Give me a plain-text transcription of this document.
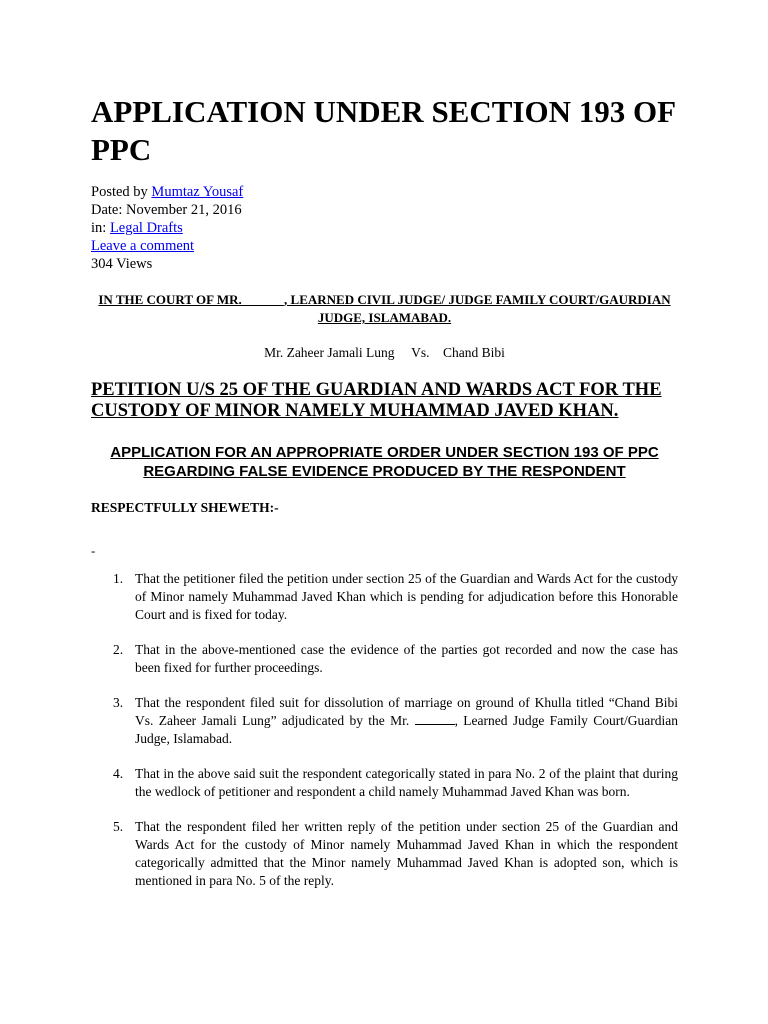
APPLICATION UNDER SECTION 193 OF PPC
Posted by Mumtaz Yousaf
Date: November 21, 2016
in: Legal Drafts
Leave a comment
304 Views
IN THE COURT OF MR. ______, LEARNED CIVIL JUDGE/ JUDGE FAMILY COURT/GAURDIAN JUDGE, ISLAMABAD.
Mr. Zaheer Jamali Lung     Vs.    Chand Bibi
PETITION U/S 25 OF THE GUARDIAN AND WARDS ACT FOR THE CUSTODY OF MINOR NAMELY MUHAMMAD JAVED KHAN.
APPLICATION FOR AN APPROPRIATE ORDER UNDER SECTION 193 OF PPC REGARDING FALSE EVIDENCE PRODUCED BY THE RESPONDENT
RESPECTFULLY SHEWETH:-
-
1. That the petitioner filed the petition under section 25 of the Guardian and Wards Act for the custody of Minor namely Muhammad Javed Khan which is pending for adjudication before this Honorable Court and is fixed for today.
2. That in the above-mentioned case the evidence of the parties got recorded and now the case has been fixed for further proceedings.
3. That the respondent filed suit for dissolution of marriage on ground of Khulla titled “Chand Bibi Vs. Zaheer Jamali Lung” adjudicated by the Mr.	, Learned Judge Family Court/Guardian Judge, Islamabad.
4. That in the above said suit the respondent categorically stated in para No. 2 of the plaint that during the wedlock of petitioner and respondent a child namely Muhammad Javed Khan was born.
5. That the respondent filed her written reply of the petition under section 25 of the Guardian and Wards Act for the custody of Minor namely Muhammad Javed Khan in which the respondent categorically admitted that the Minor namely Muhammad Javed Khan is adopted son, which is mentioned in para No. 5 of the reply.
